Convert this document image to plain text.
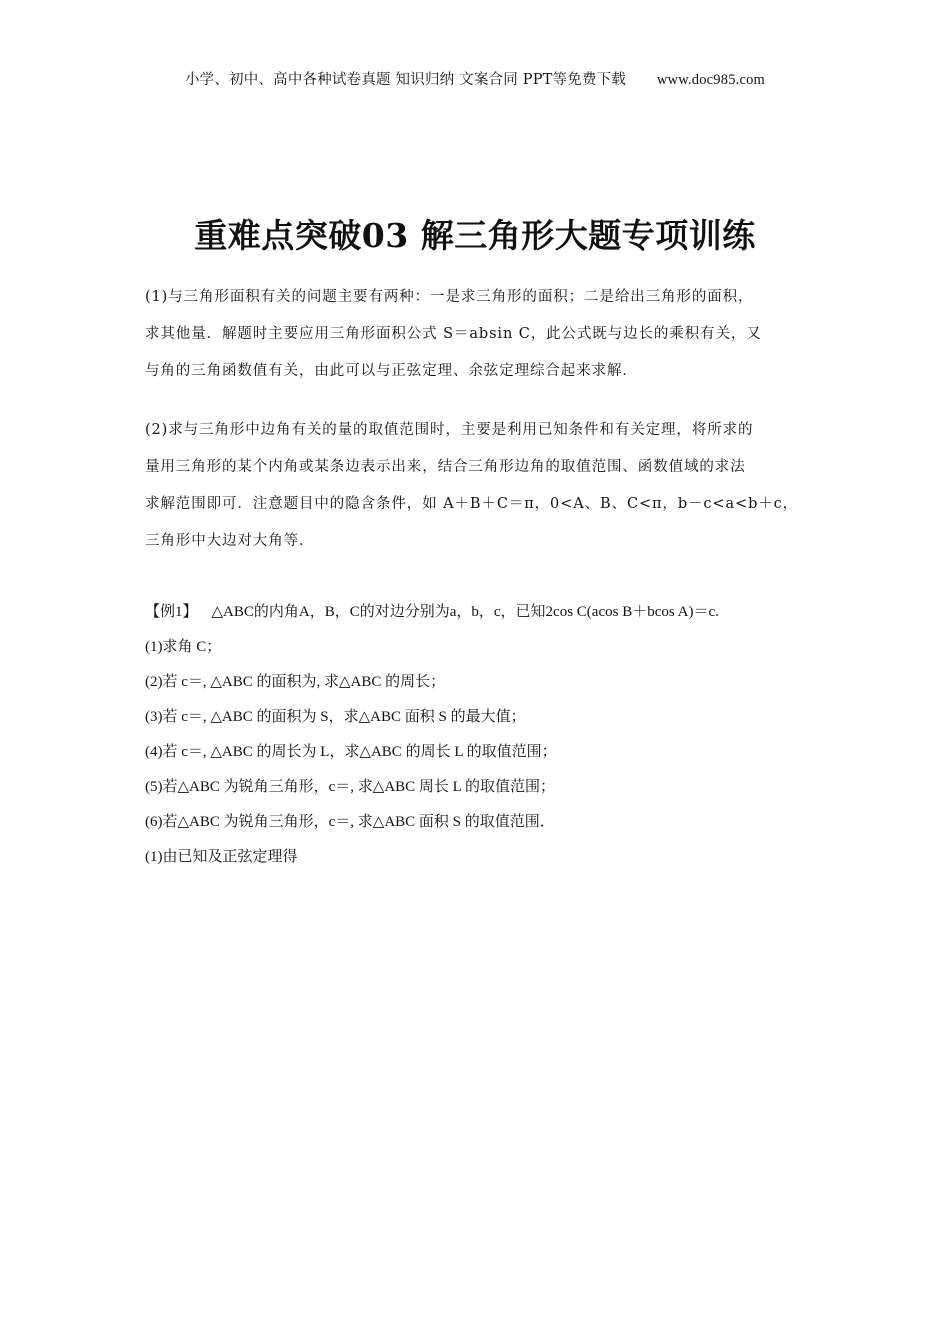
小学、初中、高中各种试卷真题 知识归纳 文案合同 PPT等免费下载 www.doc985.com
重难点突破03 解三角形大题专项训练
(1)与三角形面积有关的问题主要有两种：一是求三角形的面积；二是给出三角形的面积，
求其他量．解题时主要应用三角形面积公式 S＝absin C，此公式既与边长的乘积有关，又
与角的三角函数值有关，由此可以与正弦定理、余弦定理综合起来求解．
(2)求与三角形中边角有关的量的取值范围时，主要是利用已知条件和有关定理，将所求的
量用三角形的某个内角或某条边表示出来，结合三角形边角的取值范围、函数值域的求法
求解范围即可．注意题目中的隐含条件，如 A＋B＋C＝π，0<A、B、C<π，b－c<a<b＋c，
三角形中大边对大角等．
【例1】 △ABC的内角A，B，C的对边分别为a，b，c，已知2cos C(acos B＋bcos A)＝c.
(1)求角 C；
(2)若 c＝, △ABC 的面积为, 求△ABC 的周长；
(3)若 c＝, △ABC 的面积为 S，求△ABC 面积 S 的最大值；
(4)若 c＝, △ABC 的周长为 L，求△ABC 的周长 L 的取值范围；
(5)若△ABC 为锐角三角形，c＝, 求△ABC 周长 L 的取值范围；
(6)若△ABC 为锐角三角形，c＝, 求△ABC 面积 S 的取值范围．
(1)由已知及正弦定理得
